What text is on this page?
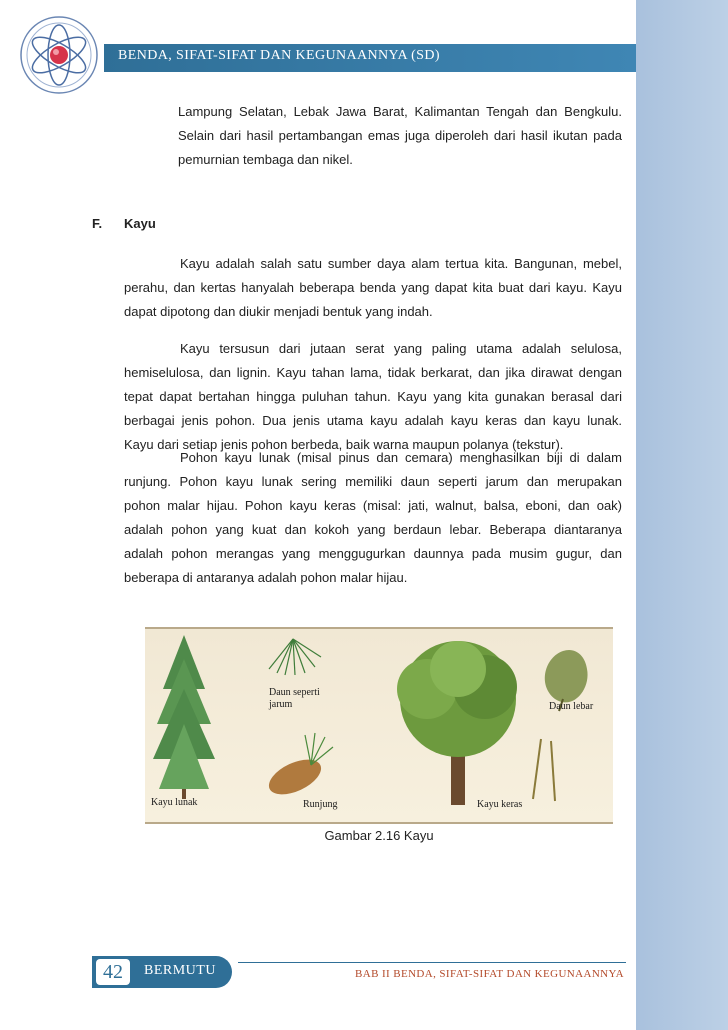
BENDA, SIFAT-SIFAT DAN KEGUNAANNYA (SD)
Lampung Selatan, Lebak Jawa Barat, Kalimantan Tengah dan Bengkulu.
Selain dari hasil pertambangan emas juga diperoleh dari hasil ikutan pada
pemurnian tembaga dan nikel.
F. Kayu
Kayu adalah salah satu sumber daya alam tertua kita. Bangunan, mebel,
perahu, dan kertas hanyalah beberapa benda yang dapat kita buat dari kayu. Kayu
dapat dipotong dan diukir menjadi bentuk yang indah.
Kayu tersusun dari jutaan serat yang paling utama adalah selulosa,
hemiselulosa, dan lignin. Kayu tahan lama, tidak berkarat, dan jika dirawat dengan
tepat dapat bertahan hingga puluhan tahun. Kayu yang kita gunakan berasal dari
berbagai jenis pohon. Dua jenis utama kayu adalah kayu keras dan kayu lunak.
Kayu dari setiap jenis pohon berbeda, baik warna maupun polanya (tekstur).
Pohon kayu lunak (misal pinus dan cemara) menghasilkan biji di dalam
runjung. Pohon kayu lunak sering memiliki daun seperti jarum dan merupakan
pohon malar hijau. Pohon kayu keras (misal: jati, walnut, balsa, eboni, dan oak)
adalah pohon yang kuat dan kokoh yang berdaun lebar. Beberapa diantaranya
adalah pohon merangas yang menggugurkan daunnya pada musim gugur, dan
beberapa di antaranya adalah pohon malar hijau.
Kayu lunak
Daun seperti
jarum
Runjung
Daun lebar
Kayu keras
Gambar 2.16 Kayu
42	BERMUTU	BAB II BENDA, SIFAT-SIFAT DAN KEGUNAANNYA
